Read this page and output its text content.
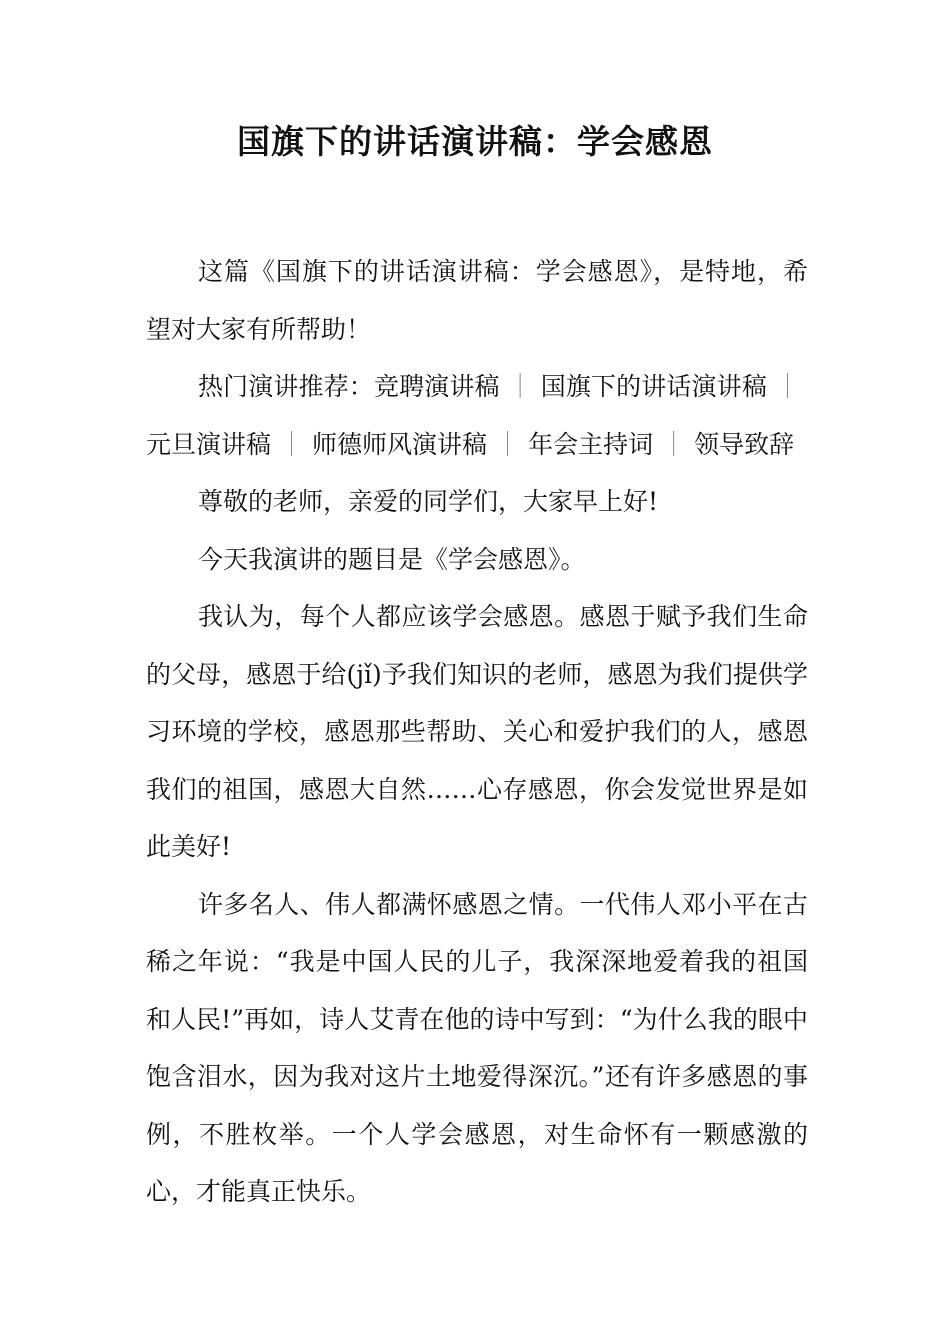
国旗下的讲话演讲稿：学会感恩

这篇《国旗下的讲话演讲稿：学会感恩》，是特地，希望对大家有所帮助！

热门演讲推荐：竞聘演讲稿 ｜ 国旗下的讲话演讲稿 ｜元旦演讲稿 ｜ 师德师风演讲稿 ｜ 年会主持词 ｜ 领导致辞

尊敬的老师，亲爱的同学们，大家早上好!

今天我演讲的题目是《学会感恩》。

我认为，每个人都应该学会感恩。感恩于赋予我们生命的父母，感恩于给(jǐ)予我们知识的老师，感恩为我们提供学习环境的学校，感恩那些帮助、关心和爱护我们的人，感恩我们的祖国，感恩大自然……心存感恩，你会发觉世界是如此美好!

许多名人、伟人都满怀感恩之情。一代伟人邓小平在古稀之年说：“我是中国人民的儿子，我深深地爱着我的祖国和人民!”再如，诗人艾青在他的诗中写到：“为什么我的眼中饱含泪水，因为我对这片土地爱得深沉。”还有许多感恩的事例，不胜枚举。一个人学会感恩，对生命怀有一颗感激的心，才能真正快乐。
